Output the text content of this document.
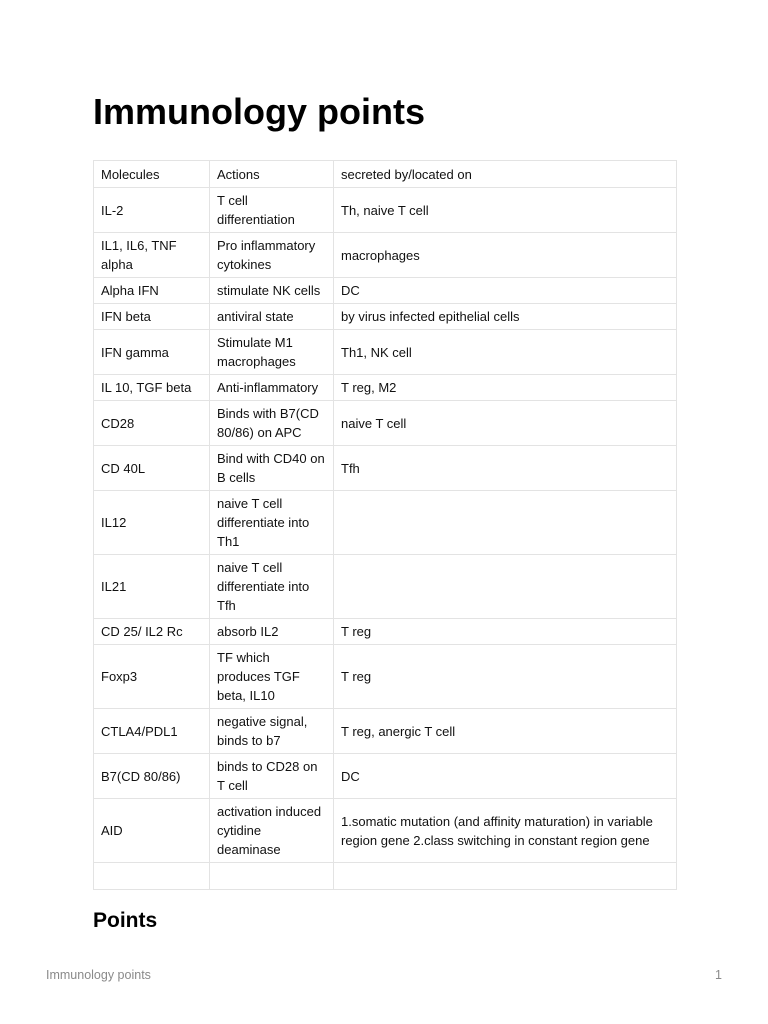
Immunology points
Molecules	Actions	secreted by/located on
IL-2	T cell differentiation	Th, naive T cell
IL1, IL6, TNF alpha	Pro inflammatory cytokines	macrophages
Alpha IFN	stimulate NK cells	DC
IFN beta	antiviral state	by virus infected epithelial cells
IFN gamma	Stimulate M1 macrophages	Th1, NK cell
IL 10, TGF beta	Anti-inflammatory	T reg, M2
CD28	Binds with B7(CD 80/86) on APC	naive T cell
CD 40L	Bind with CD40 on B cells	Tfh
IL12	naive T cell differentiate into Th1	
IL21	naive T cell differentiate into Tfh	
CD 25/ IL2 Rc	absorb IL2	T reg
Foxp3	TF which produces TGF beta, IL10	T reg
CTLA4/PDL1	negative signal, binds to b7	T reg, anergic T cell
B7(CD 80/86)	binds to CD28 on T cell	DC
AID	activation induced cytidine deaminase	1.somatic mutation (and affinity maturation) in variable region gene 2.class switching in constant region gene

Points
Immunology points	1
